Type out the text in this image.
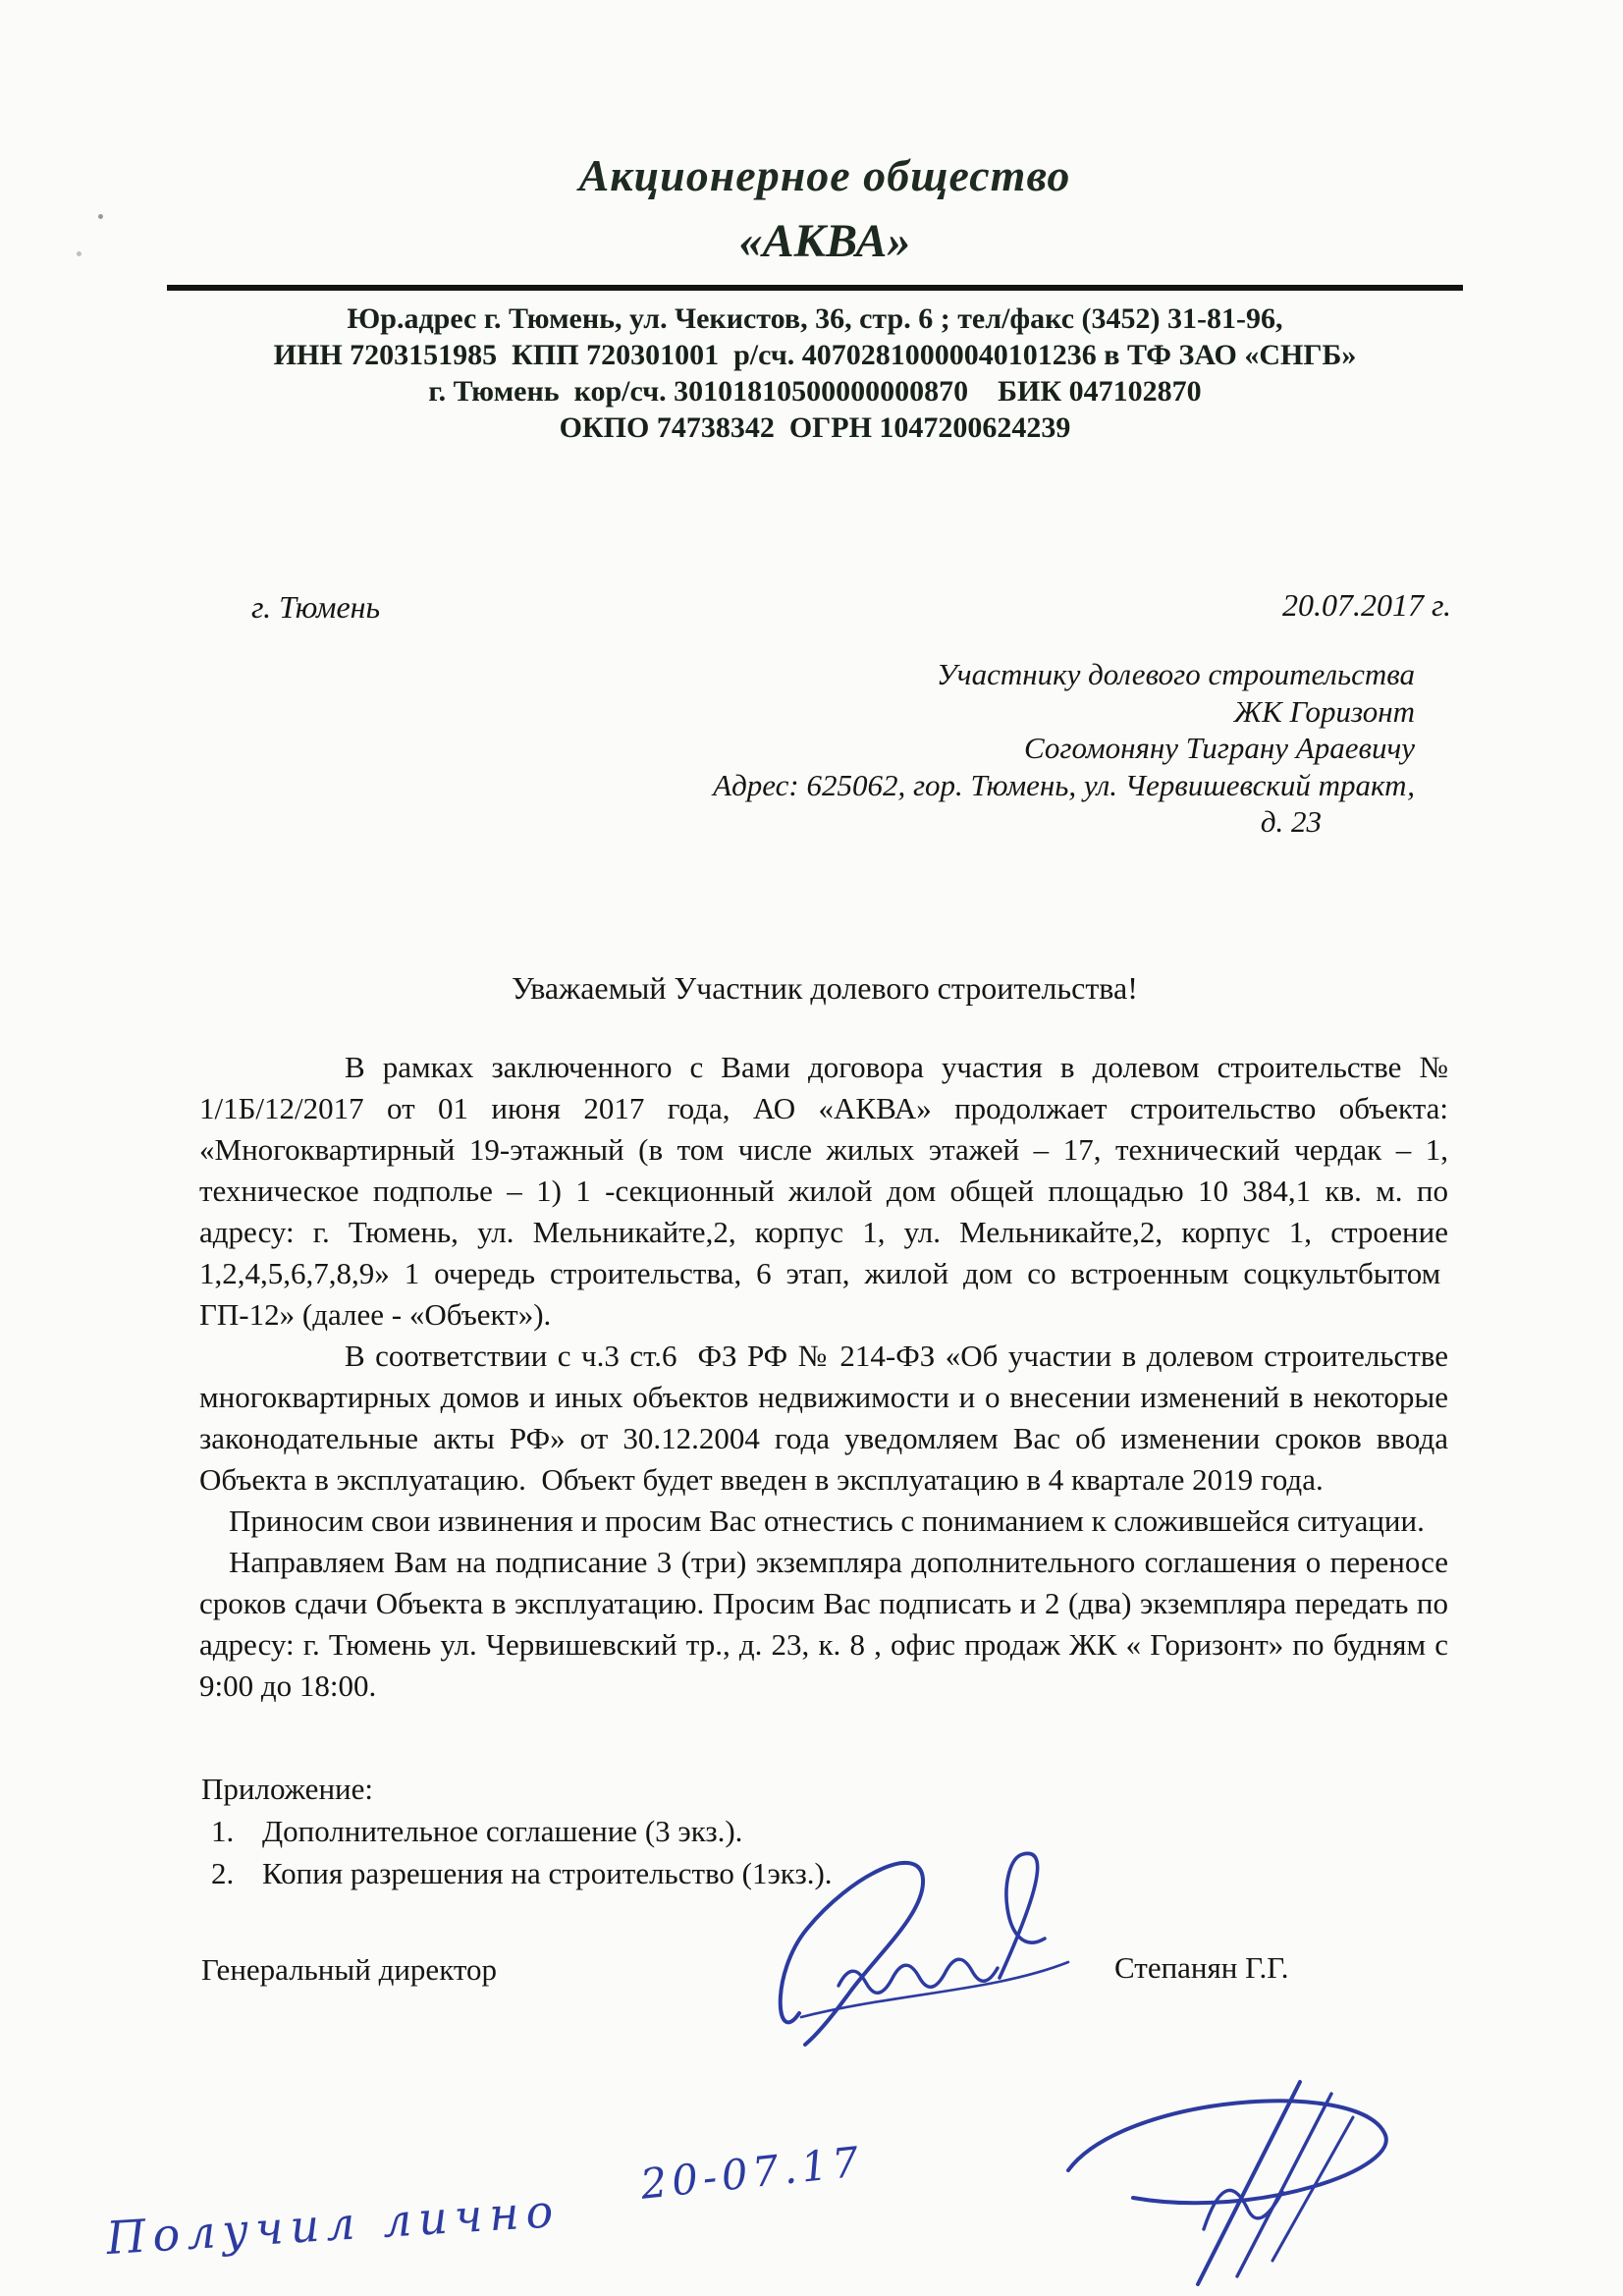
Акционерное общество
«АКВА»
Юр.адрес г. Тюмень, ул. Чекистов, 36, стр. 6 ; тел/факс (3452) 31-81-96,
ИНН 7203151985  КПП 720301001  р/сч. 40702810000040101236 в ТФ ЗАО «СНГБ»
г. Тюмень  кор/сч. 30101810500000000870    БИК 047102870
ОКПО 74738342  ОГРН 1047200624239
г. Тюмень	20.07.2017 г.
Участнику долевого строительства
ЖК Горизонт
Согомоняну Тиграну Араевичу
Адрес: 625062, гор. Тюмень, ул. Червишевский тракт,
д. 23
Уважаемый Участник долевого строительства!

В рамках заключенного с Вами договора участия в долевом строительстве № 1/1Б/12/2017 от 01 июня 2017 года, АО «АКВА» продолжает строительство объекта: «Многоквартирный 19-этажный (в том числе жилых этажей – 17, технический чердак – 1, техническое подполье – 1) 1 -секционный жилой дом общей площадью 10 384,1 кв. м. по адресу: г. Тюмень, ул. Мельникайте,2, корпус 1, ул. Мельникайте,2, корпус 1, строение 1,2,4,5,6,7,8,9» 1 очередь строительства, 6 этап, жилой дом со встроенным соцкультбытом  ГП-12» (далее - «Объект»).

В соответствии с ч.3 ст.6  ФЗ РФ № 214-ФЗ «Об участии в долевом строительстве многоквартирных домов и иных объектов недвижимости и о внесении изменений в некоторые законодательные акты РФ» от 30.12.2004 года уведомляем Вас об изменении сроков ввода Объекта в эксплуатацию.  Объект будет введен в эксплуатацию в 4 квартале 2019 года.

Приносим свои извинения и просим Вас отнестись с пониманием к сложившейся ситуации.

Направляем Вам на подписание 3 (три) экземпляра дополнительного соглашения о переносе сроков сдачи Объекта в эксплуатацию. Просим Вас подписать и 2 (два) экземпляра передать по адресу: г. Тюмень ул. Червишевский тр., д. 23, к. 8 , офис продаж ЖК « Горизонт» по будням с 9:00 до 18:00.

Приложение:
1. Дополнительное соглашение (3 экз.).
2. Копия разрешения на строительство (1экз.).
Генеральный директор	Степанян Г.Г.
Получил лично
20-07.17
